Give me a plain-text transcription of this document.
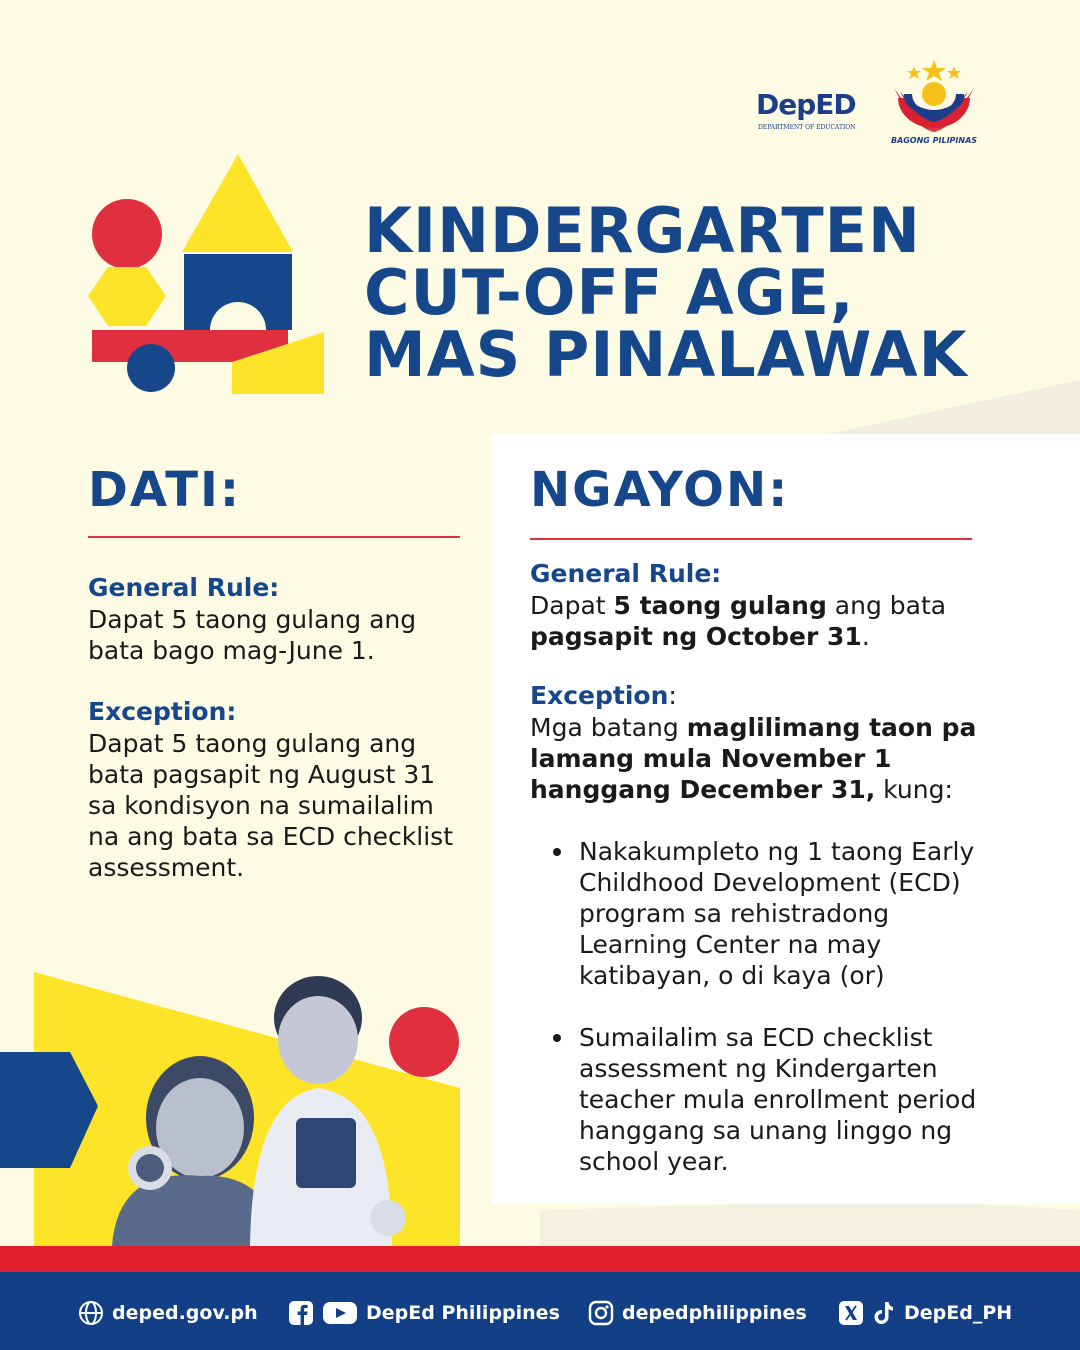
DepED
DEPARTMENT OF EDUCATION
BAGONG PILIPINAS
KINDERGARTEN
CUT-OFF AGE,
MAS PINALAWAK
DATI:
General Rule:
Dapat 5 taong gulang ang bata bago mag-June 1.
Exception:
Dapat 5 taong gulang ang bata pagsapit ng August 31 sa kondisyon na sumailalim na ang bata sa ECD checklist assessment.
NGAYON:
General Rule:
Dapat 5 taong gulang ang bata pagsapit ng October 31.
Exception:
Mga batang maglilimang taon pa lamang mula November 1 hanggang December 31, kung:
Nakakumpleto ng 1 taong Early Childhood Development (ECD) program sa rehistradong Learning Center na may katibayan, o di kaya (or)
Sumailalim sa ECD checklist assessment ng Kindergarten teacher mula enrollment period hanggang sa unang linggo ng school year.
deped.gov.ph	DepEd Philippines	depedphilippines	DepEd_PH
